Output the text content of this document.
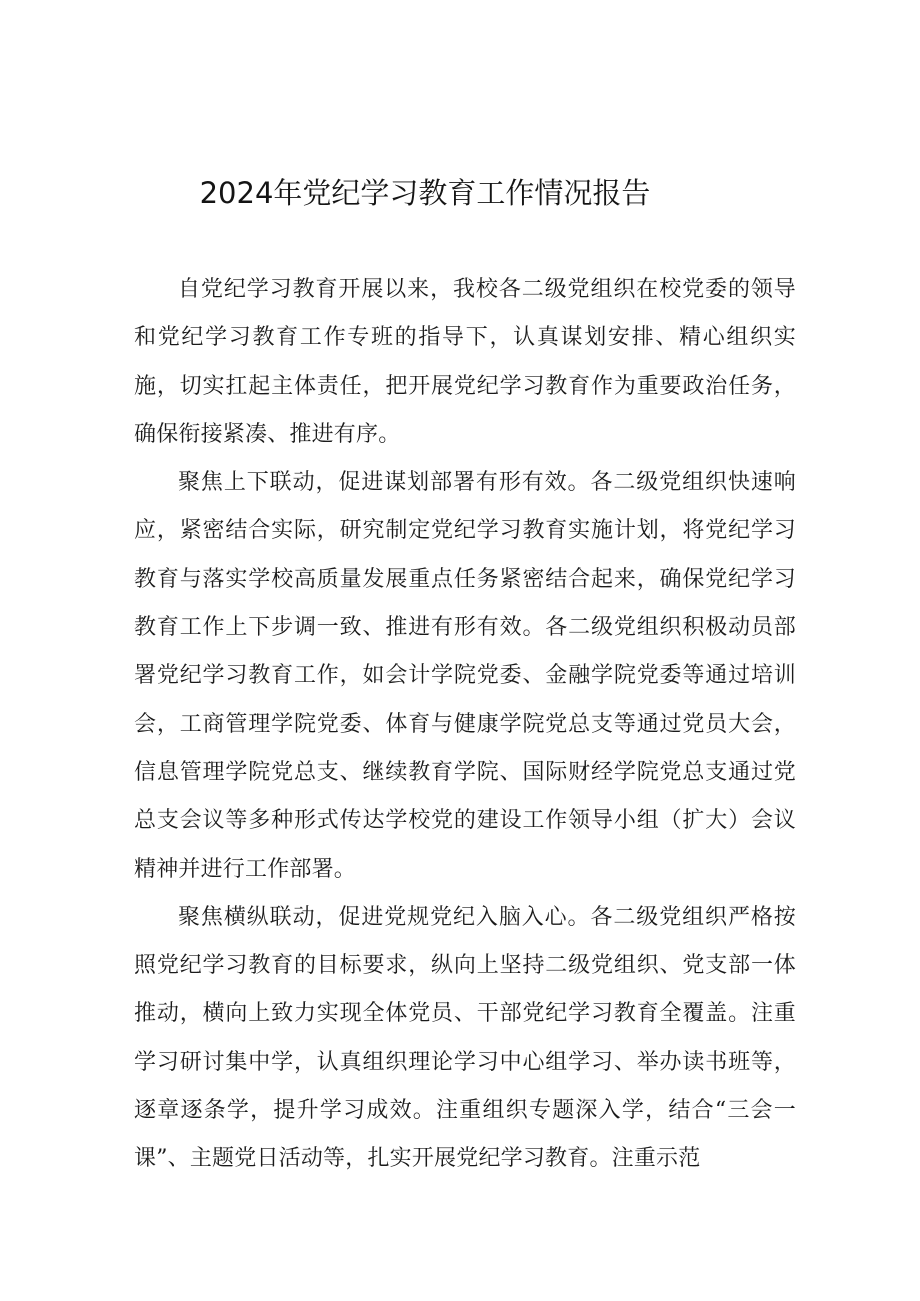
2024年党纪学习教育工作情况报告

自党纪学习教育开展以来，我校各二级党组织在校党委的领导和党纪学习教育工作专班的指导下，认真谋划安排、精心组织实施，切实扛起主体责任，把开展党纪学习教育作为重要政治任务，确保衔接紧凑、推进有序。

聚焦上下联动，促进谋划部署有形有效。各二级党组织快速响应，紧密结合实际，研究制定党纪学习教育实施计划，将党纪学习教育与落实学校高质量发展重点任务紧密结合起来，确保党纪学习教育工作上下步调一致、推进有形有效。各二级党组织积极动员部署党纪学习教育工作，如会计学院党委、金融学院党委等通过培训会，工商管理学院党委、体育与健康学院党总支等通过党员大会，信息管理学院党总支、继续教育学院、国际财经学院党总支通过党总支会议等多种形式传达学校党的建设工作领导小组（扩大）会议精神并进行工作部署。

聚焦横纵联动，促进党规党纪入脑入心。各二级党组织严格按照党纪学习教育的目标要求，纵向上坚持二级党组织、党支部一体推动，横向上致力实现全体党员、干部党纪学习教育全覆盖。注重学习研讨集中学，认真组织理论学习中心组学习、举办读书班等，逐章逐条学，提升学习成效。注重组织专题深入学，结合“三会一课”、主题党日活动等，扎实开展党纪学习教育。注重示范
